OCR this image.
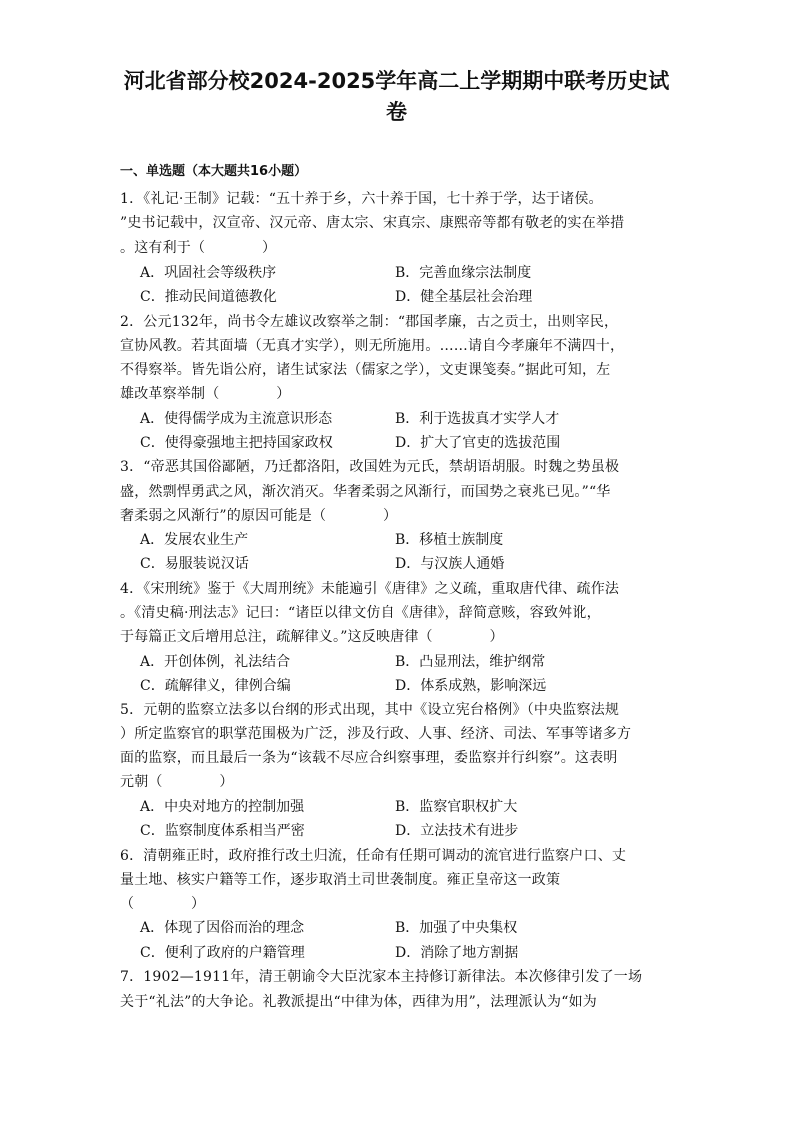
河北省部分校2024-2025学年高二上学期期中联考历史试
卷

一、单选题（本大题共16小题）

1．《礼记·王制》记载：“五十养于乡，六十养于国，七十养于学，达于诸侯。

”史书记载中，汉宣帝、汉元帝、唐太宗、宋真宗、康熙帝等都有敬老的实在举措

。这有利于（　　　　）

A．巩固社会等级秩序	B．完善血缘宗法制度

C．推动民间道德教化	D．健全基层社会治理

2．公元132年，尚书令左雄议改察举之制：“郡国孝廉，古之贡士，出则宰民，

宣协风教。若其面墙（无真才实学），则无所施用。……请自今孝廉年不满四十，

不得察举。皆先诣公府，诸生试家法（儒家之学），文吏课笺奏。”据此可知，左

雄改革察举制（　　　　）

A．使得儒学成为主流意识形态	B．利于选拔真才实学人才

C．使得豪强地主把持国家政权	D．扩大了官吏的选拔范围

3．“帝恶其国俗鄙陋，乃迁都洛阳，改国姓为元氏，禁胡语胡服。时魏之势虽极

盛，然剽悍勇武之风，渐次消灭。华奢柔弱之风渐行，而国势之衰兆已见。”“华

奢柔弱之风渐行”的原因可能是（　　　　）

A．发展农业生产	B．移植士族制度

C．易服装说汉话	D．与汉族人通婚

4．《宋刑统》鉴于《大周刑统》未能遍引《唐律》之义疏，重取唐代律、疏作法

。《清史稿·刑法志》记曰：“诸臣以律文仿自《唐律》，辞简意赅，容致舛讹，

于每篇正文后增用总注，疏解律义。”这反映唐律（　　　　）

A．开创体例，礼法结合	B．凸显刑法，维护纲常

C．疏解律义，律例合编	D．体系成熟，影响深远

5．元朝的监察立法多以台纲的形式出现，其中《设立宪台格例》（中央监察法规

）所定监察官的职掌范围极为广泛，涉及行政、人事、经济、司法、军事等诸多方

面的监察，而且最后一条为“该载不尽应合纠察事理，委监察并行纠察”。这表明

元朝（　　　　）

A．中央对地方的控制加强	B．监察官职权扩大

C．监察制度体系相当严密	D．立法技术有进步

6．清朝雍正时，政府推行改土归流，任命有任期可调动的流官进行监察户口、丈

量土地、核实户籍等工作，逐步取消土司世袭制度。雍正皇帝这一政策

（　　　　）

A．体现了因俗而治的理念	B．加强了中央集权

C．便利了政府的户籍管理	D．消除了地方割据

7．1902—1911年，清王朝谕令大臣沈家本主持修订新律法。本次修律引发了一场

关于“礼法”的大争论。礼教派提出“中律为体，西律为用”，法理派认为“如为
